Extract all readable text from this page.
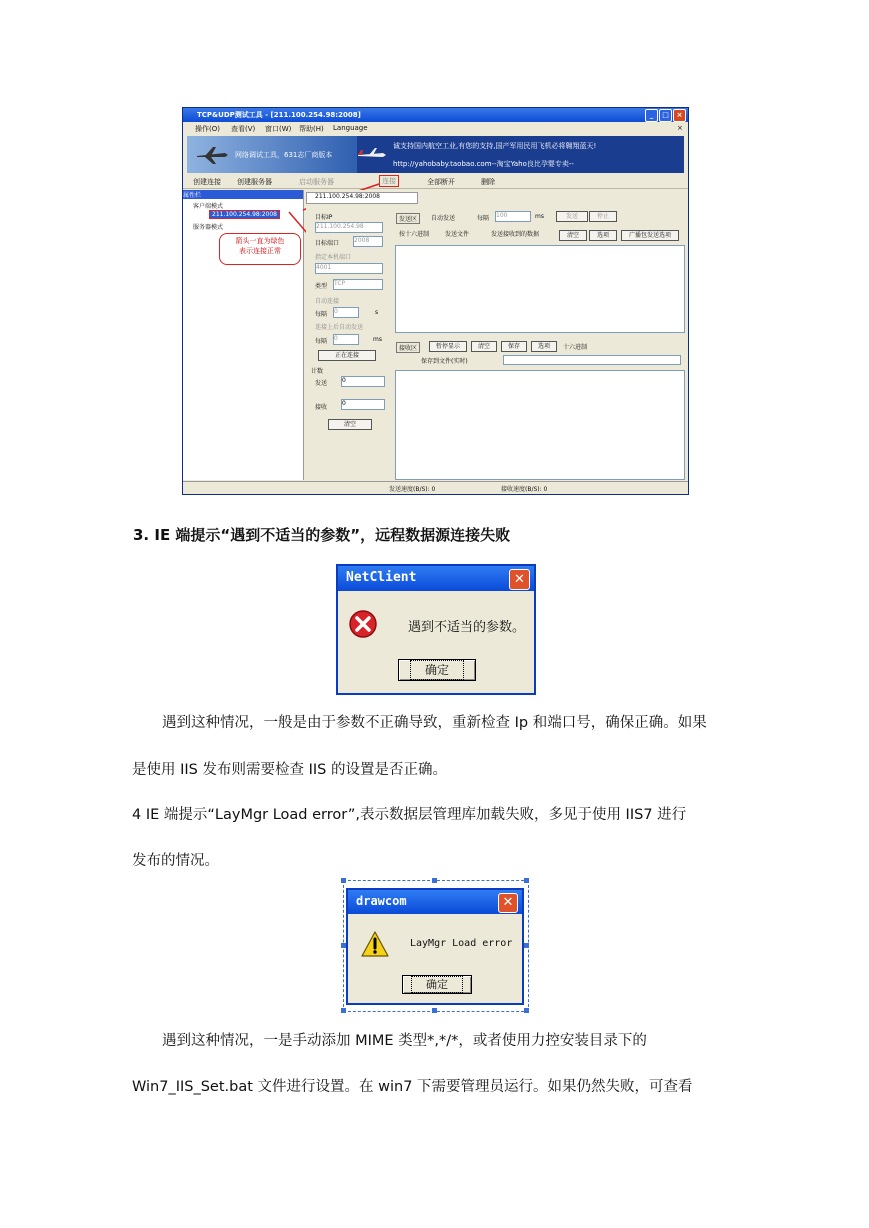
TCP&UDP测试工具 - [211.100.254.98:2008]	_	□	×
操作(O) 查看(V) 窗口(W) 帮助(H) Language	×
网络调试工具，631志厂商版本
诚支持国内航空工业,有您的支持,国产军用民用飞机必将翱翔蓝天!
http://yahobaby.taobao.com--淘宝Yaho良比孕婴专卖--
创建连接 创建服务器	启动服务器	连接	全部断开	删除
属性栏
客户端模式
211.100.254.98:2008
服务器模式
箭头一直为绿色
表示连接正常
211.100.254.98:2008
目标IP
211.100.254.98
目标端口 2008
指定本机端口
4001
类型 TCP
自动连接
每隔 0	s
连接上后自动发送
每隔 0	ms
正在连接
计数
发送 0
接收
0
清空
发送区	自动发送	每隔 100	ms	发送	停止
按十六进制	发送文件	发送接收到的数据	清空	选项	广播包发送选项
接收区	暂停显示	清空	保存	选项	十六进制
保存到文件(实时)
发送速度(B/S): 0	接收速度(B/S): 0
3. IE 端提示“遇到不适当的参数”，远程数据源连接失败
NetClient	✕
遇到不适当的参数。
确定
遇到这种情况，一般是由于参数不正确导致，重新检查 Ip 和端口号，确保正确。如果
是使用 IIS 发布则需要检查 IIS 的设置是否正确。
4 IE 端提示“LayMgr Load error”,表示数据层管理库加载失败，多见于使用 IIS7 进行
发布的情况。
drawcom	✕
LayMgr Load error
确定
遇到这种情况，一是手动添加 MIME 类型*,*/*，或者使用力控安装目录下的
Win7_IIS_Set.bat 文件进行设置。在 win7 下需要管理员运行。如果仍然失败，可查看
